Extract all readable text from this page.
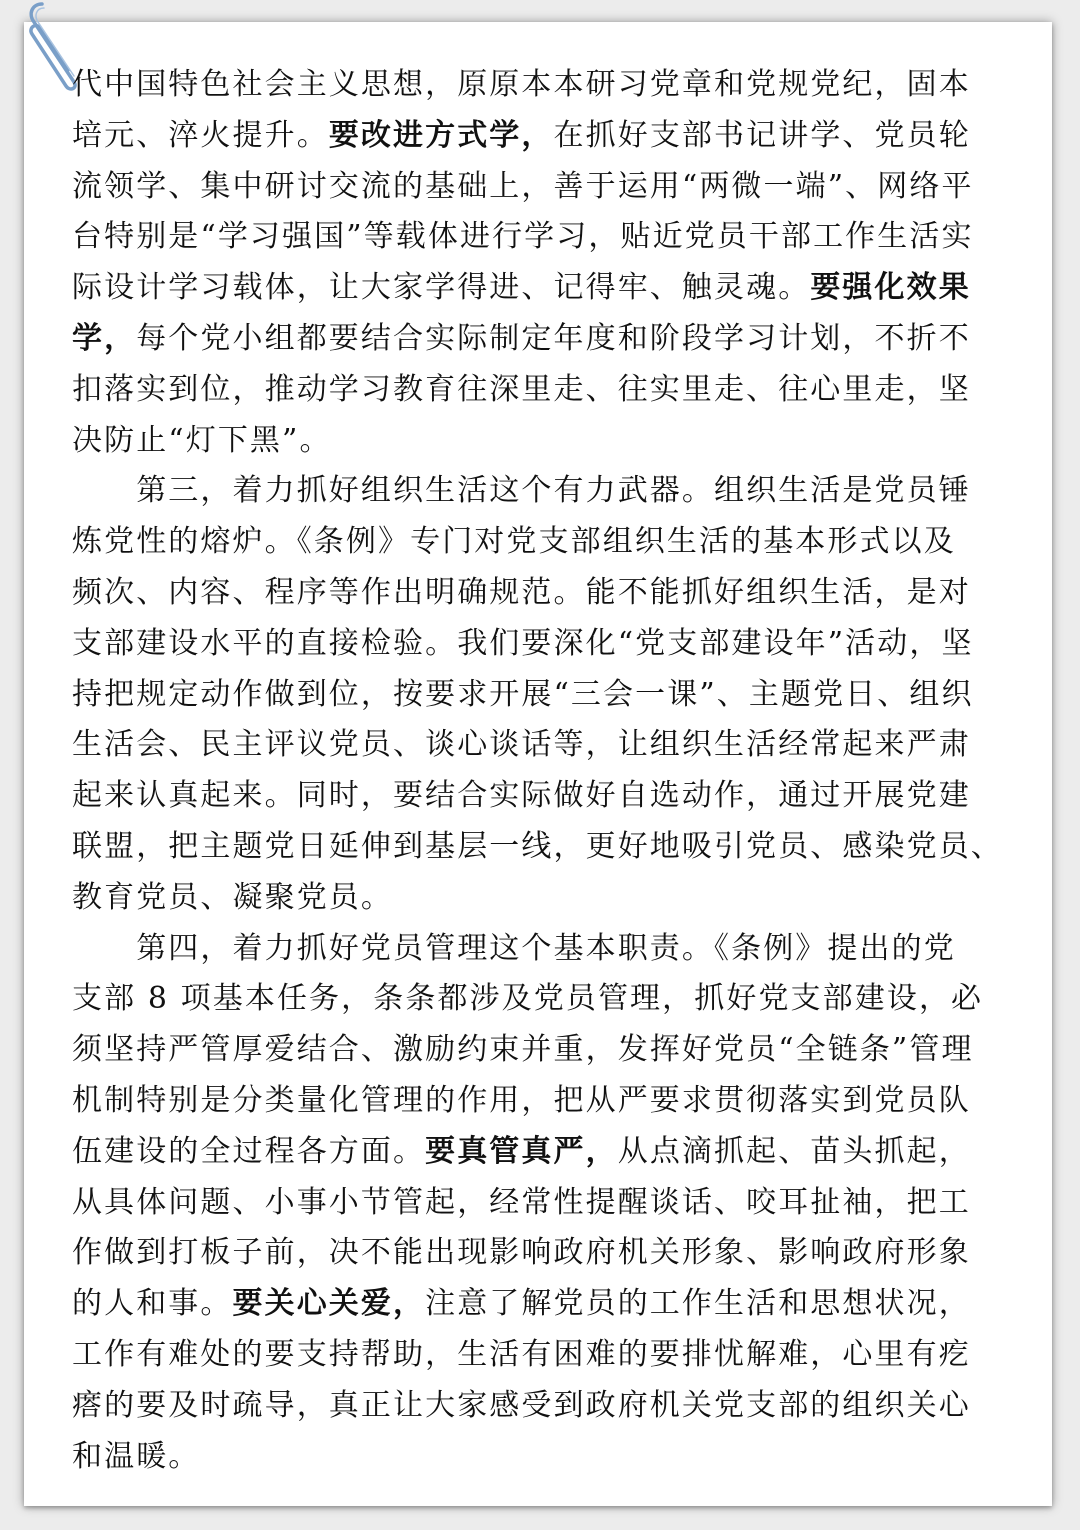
代中国特色社会主义思想，原原本本研习党章和党规党纪，固本
培元、淬火提升。要改进方式学，在抓好支部书记讲学、党员轮
流领学、集中研讨交流的基础上，善于运用“两微一端”、网络平
台特别是“学习强国”等载体进行学习，贴近党员干部工作生活实
际设计学习载体，让大家学得进、记得牢、触灵魂。要强化效果
学，每个党小组都要结合实际制定年度和阶段学习计划，不折不
扣落实到位，推动学习教育往深里走、往实里走、往心里走，坚
决防止“灯下黑”。
　　第三，着力抓好组织生活这个有力武器。组织生活是党员锤
炼党性的熔炉。《条例》专门对党支部组织生活的基本形式以及
频次、内容、程序等作出明确规范。能不能抓好组织生活，是对
支部建设水平的直接检验。我们要深化“党支部建设年”活动，坚
持把规定动作做到位，按要求开展“三会一课”、主题党日、组织
生活会、民主评议党员、谈心谈话等，让组织生活经常起来严肃
起来认真起来。同时，要结合实际做好自选动作，通过开展党建
联盟，把主题党日延伸到基层一线，更好地吸引党员、感染党员、
教育党员、凝聚党员。
　　第四，着力抓好党员管理这个基本职责。《条例》提出的党
支部 8 项基本任务，条条都涉及党员管理，抓好党支部建设，必
须坚持严管厚爱结合、激励约束并重，发挥好党员“全链条”管理
机制特别是分类量化管理的作用，把从严要求贯彻落实到党员队
伍建设的全过程各方面。要真管真严，从点滴抓起、苗头抓起，
从具体问题、小事小节管起，经常性提醒谈话、咬耳扯袖，把工
作做到打板子前，决不能出现影响政府机关形象、影响政府形象
的人和事。要关心关爱，注意了解党员的工作生活和思想状况，
工作有难处的要支持帮助，生活有困难的要排忧解难，心里有疙
瘩的要及时疏导，真正让大家感受到政府机关党支部的组织关心
和温暖。
